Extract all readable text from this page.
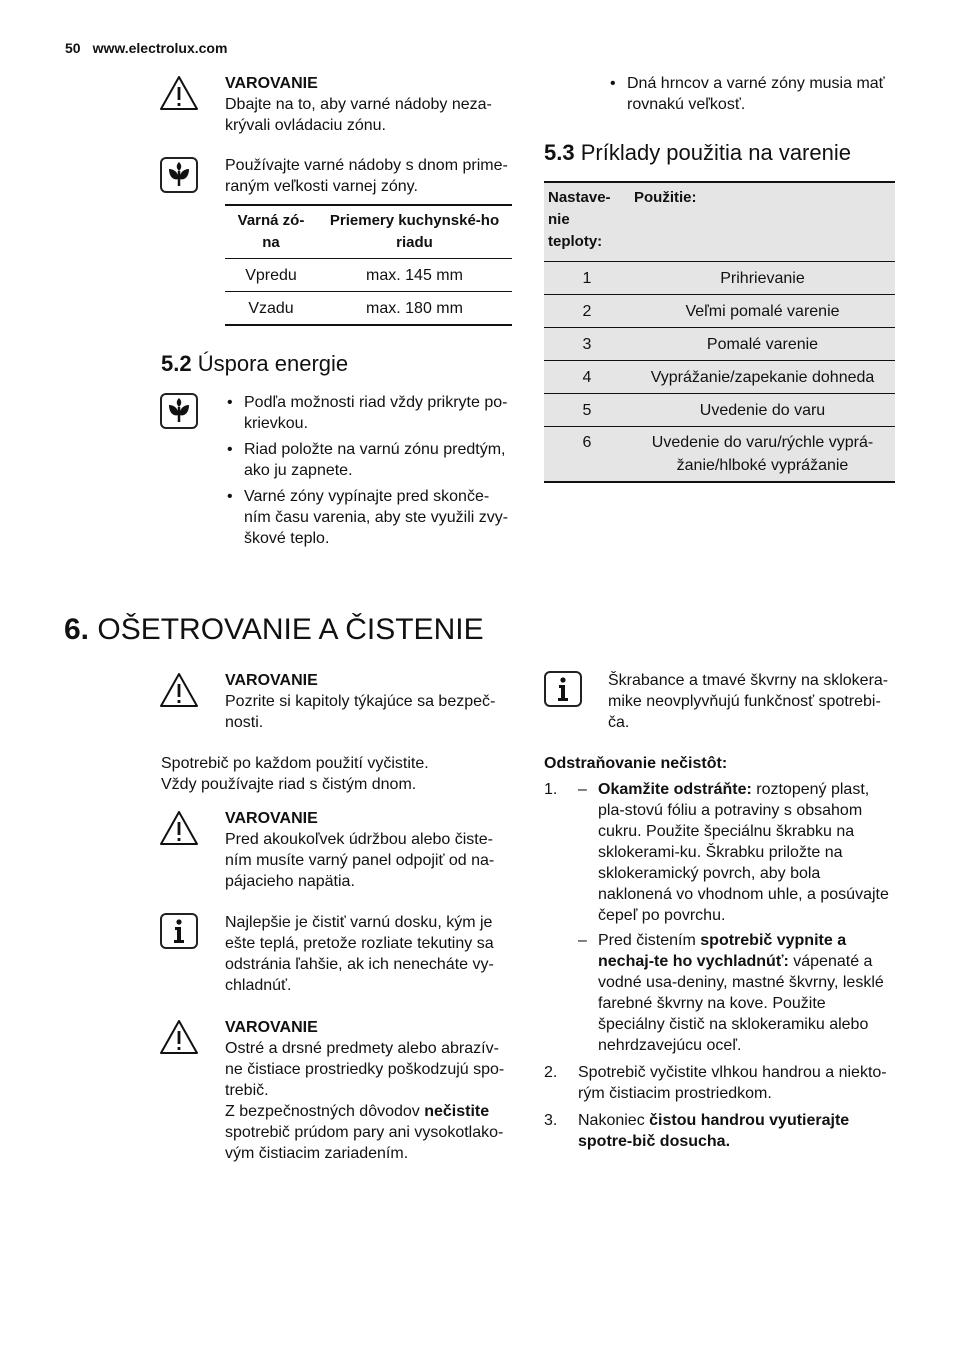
50 www.electrolux.com

VAROVANIE

Dbajte na to, aby varné nádoby neza-krývali ovládaciu zónu.

Používajte varné nádoby s dnom prime-raným veľkosti varnej zóny.
Varná zó-na	Priemery kuchynské-ho riadu
Vpredu	max. 145 mm
Vzadu	max. 180 mm
5.2 Úspora energie
• Podľa možnosti riad vždy prikryte po-krievkou.
• Riad položte na varnú zónu predtým, ako ju zapnete.
• Varné zóny vypínajte pred skonče-ním času varenia, aby ste využili zvy-škové teplo.
• Dná hrncov a varné zóny musia mať rovnakú veľkosť.
5.3 Príklady použitia na varenie
Nastave-nie teploty:	Použitie:
1	Prihrievanie
2	Veľmi pomalé varenie
3	Pomalé varenie
4	Vyprážanie/zapekanie dohneda
5	Uvedenie do varu
6	Uvedenie do varu/rýchle vyprá-žanie/hlboké vyprážanie
6. OŠETROVANIE A ČISTENIE

VAROVANIE

Pozrite si kapitoly týkajúce sa bezpeč-nosti.

Spotrebič po každom použití vyčistite.

Vždy používajte riad s čistým dnom.

VAROVANIE

Pred akoukoľvek údržbou alebo čiste-ním musíte varný panel odpojiť od na-pájacieho napätia.

Najlepšie je čistiť varnú dosku, kým je ešte teplá, pretože rozliate tekutiny sa odstránia ľahšie, ak ich nenecháte vy-chladnúť.

VAROVANIE

Ostré a drsné predmety alebo abrazív-ne čistiace prostriedky poškodzujú spo-trebič.

Z bezpečnostných dôvodov nečistite spotrebič prúdom pary ani vysokotlako-vým čistiacim zariadením.

Škrabance a tmavé škvrny na sklokera-mike neovplyvňujú funkčnosť spotrebi-ča.
Odstraňovanie nečistôt:
1. – Okamžite odstráňte: roztopený plast, pla-stovú fóliu a potraviny s obsahom cukru. Použite špeciálnu škrabku na sklokerami-ku. Škrabku priložte na sklokeramický povrch, aby bola naklonená vo vhodnom uhle, a posúvajte čepeľ po povrchu.
– Pred čistením spotrebič vypnite a nechaj-te ho vychladnúť: vápenaté a vodné usa-deniny, mastné škvrny, lesklé farebné škvrny na kove. Použite špeciálny čistič na sklokeramiku alebo nehrdzavejúcu oceľ.
2. Spotrebič vyčistite vlhkou handrou a niekto-rým čistiacim prostriedkom.
3. Nakoniec čistou handrou vyutierajte spotre-bič dosucha.
